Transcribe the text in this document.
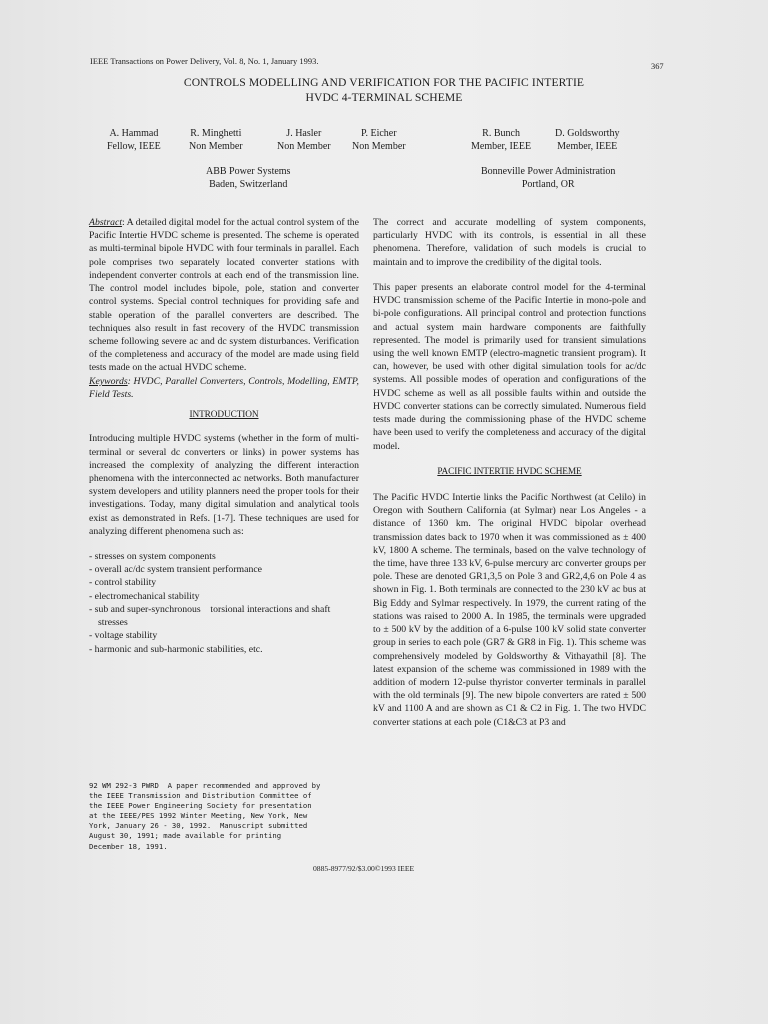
IEEE Transactions on Power Delivery, Vol. 8, No. 1, January 1993.
367
CONTROLS MODELLING AND VERIFICATION FOR THE PACIFIC INTERTIE
HVDC 4-TERMINAL SCHEME
A. Hammad
Fellow, IEEE
R. Minghetti
Non Member
J. Hasler
Non Member
P. Eicher
Non Member
R. Bunch
Member, IEEE
D. Goldsworthy
Member, IEEE
ABB Power Systems
Baden, Switzerland
Bonneville Power Administration
Portland, OR

Abstract: A detailed digital model for the actual control system of the Pacific Intertie HVDC scheme is presented. The scheme is operated as multi-terminal bipole HVDC with four terminals in parallel. Each pole comprises two separately located converter stations with independent converter controls at each end of the transmission line. The control model includes bipole, pole, station and converter control systems. Special control techniques for providing safe and stable operation of the parallel converters are described. The techniques also result in fast recovery of the HVDC transmission scheme following severe ac and dc system disturbances. Verification of the completeness and accuracy of the model are made using field tests made on the actual HVDC scheme.

Keywords: HVDC, Parallel Converters, Controls, Modelling, EMTP, Field Tests.

INTRODUCTION

Introducing multiple HVDC systems (whether in the form of multi-terminal or several dc converters or links) in power systems has increased the complexity of analyzing the different interaction phenomena with the interconnected ac networks. Both manufacturer system developers and utility planners need the proper tools for their investigations. Today, many digital simulation and analytical tools exist as demonstrated in Refs. [1-7]. These techniques are used for analyzing different phenomena such as:

- stresses on system components
- overall ac/dc system transient performance
- control stability
- electromechanical stability
- sub and super-synchronous    torsional interactions and shaft stresses
- voltage stability
- harmonic and sub-harmonic stabilities, etc.
92 WM 292-3 PWRD  A paper recommended and approved by
the IEEE Transmission and Distribution Committee of
the IEEE Power Engineering Society for presentation
at the IEEE/PES 1992 Winter Meeting, New York, New
York, January 26 - 30, 1992.  Manuscript submitted
August 30, 1991; made available for printing
December 18, 1991.
0885-8977/92/$3.00©1993 IEEE

The correct and accurate modelling of system components, particularly HVDC with its controls, is essential in all these phenomena. Therefore, validation of such models is crucial to maintain and to improve the credibility of the digital tools.

This paper presents an elaborate control model for the 4-terminal HVDC transmission scheme of the Pacific Intertie in mono-pole and bi-pole configurations. All principal control and protection functions and actual system main hardware components are faithfully represented. The model is primarily used for transient simulations using the well known EMTP (electro-magnetic transient program). It can, however, be used with other digital simulation tools for ac/dc systems. All possible modes of operation and configurations of the HVDC scheme as well as all possible faults within and outside the HVDC converter stations can be correctly simulated. Numerous field tests made during the commissioning phase of the HVDC scheme have been used to verify the completeness and accuracy of the digital model.

PACIFIC INTERTIE HVDC SCHEME

The Pacific HVDC Intertie links the Pacific Northwest (at Celilo) in Oregon with Southern California (at Sylmar) near Los Angeles - a distance of 1360 km. The original HVDC bipolar overhead transmission dates back to 1970 when it was commissioned as ± 400 kV, 1800 A scheme. The terminals, based on the valve technology of the time, have three 133 kV, 6-pulse mercury arc converter groups per pole. These are denoted GR1,3,5 on Pole 3 and GR2,4,6 on Pole 4 as shown in Fig. 1. Both terminals are connected to the 230 kV ac bus at Big Eddy and Sylmar respectively. In 1979, the current rating of the stations was raised to 2000 A. In 1985, the terminals were upgraded to ± 500 kV by the addition of a 6-pulse 100 kV solid state converter group in series to each pole (GR7 & GR8 in Fig. 1). This scheme was comprehensively modeled by Goldsworthy & Vithayathil [8]. The latest expansion of the scheme was commissioned in 1989 with the addition of modern 12-pulse thyristor converter terminals in parallel with the old terminals [9]. The new bipole converters are rated ± 500 kV and 1100 A and are shown as C1 & C2 in Fig. 1. The two HVDC converter stations at each pole (C1&C3 at P3 and
